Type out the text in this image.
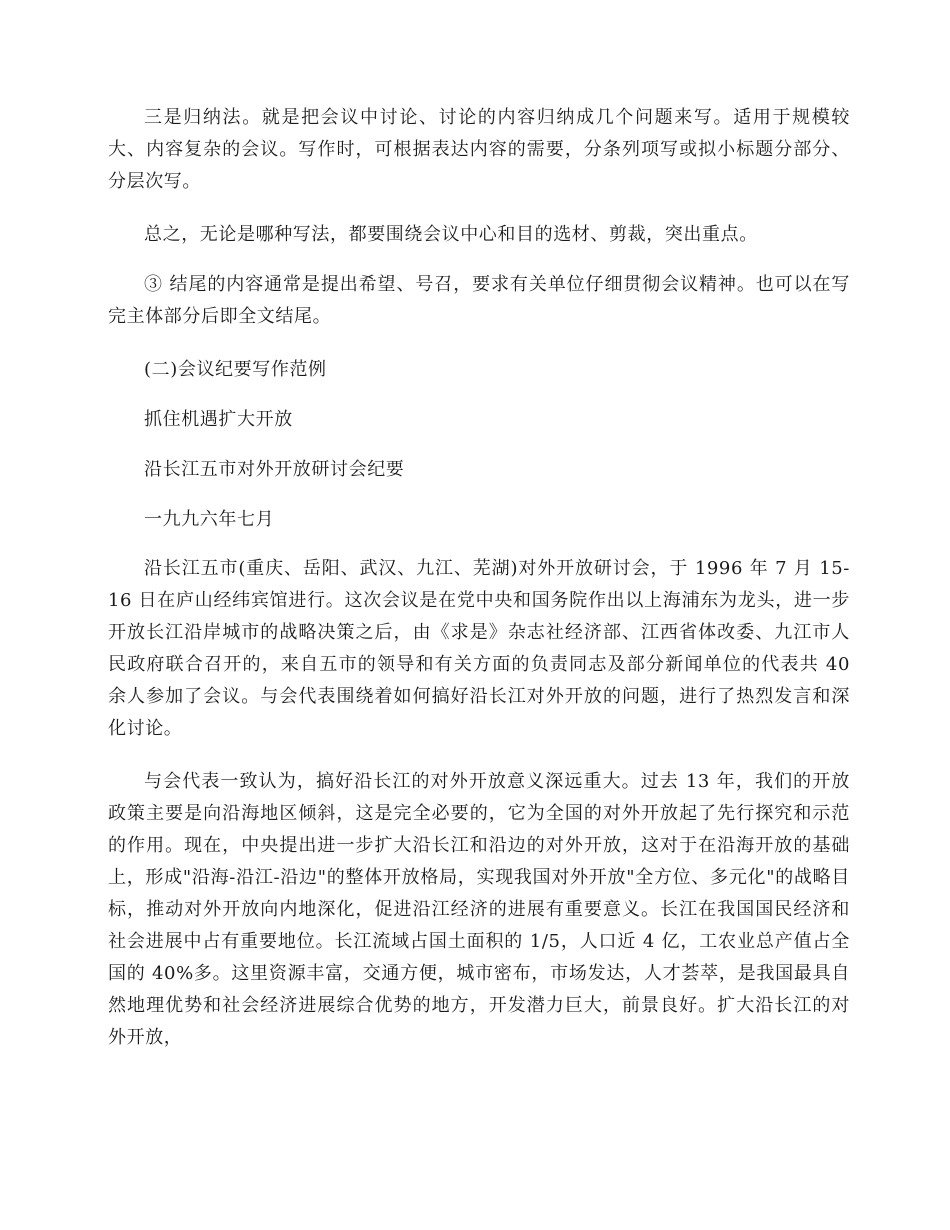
三是归纳法。就是把会议中讨论、讨论的内容归纳成几个问题来写。适用于规模较大、内容复杂的会议。写作时，可根据表达内容的需要，分条列项写或拟小标题分部分、分层次写。

总之，无论是哪种写法，都要围绕会议中心和目的选材、剪裁，突出重点。

③ 结尾的内容通常是提出希望、号召，要求有关单位仔细贯彻会议精神。也可以在写完主体部分后即全文结尾。

(二)会议纪要写作范例

抓住机遇扩大开放

沿长江五市对外开放研讨会纪要

一九九六年七月

沿长江五市(重庆、岳阳、武汉、九江、芜湖)对外开放研讨会，于 1996 年 7 月 15-16 日在庐山经纬宾馆进行。这次会议是在党中央和国务院作出以上海浦东为龙头，进一步开放长江沿岸城市的战略决策之后，由《求是》杂志社经济部、江西省体改委、九江市人民政府联合召开的，来自五市的领导和有关方面的负责同志及部分新闻单位的代表共 40 余人参加了会议。与会代表围绕着如何搞好沿长江对外开放的问题，进行了热烈发言和深化讨论。

与会代表一致认为，搞好沿长江的对外开放意义深远重大。过去 13 年，我们的开放政策主要是向沿海地区倾斜，这是完全必要的，它为全国的对外开放起了先行探究和示范的作用。现在，中央提出进一步扩大沿长江和沿边的对外开放，这对于在沿海开放的基础上，形成"沿海-沿江-沿边"的整体开放格局，实现我国对外开放"全方位、多元化"的战略目标，推动对外开放向内地深化，促进沿江经济的进展有重要意义。长江在我国国民经济和社会进展中占有重要地位。长江流域占国土面积的 1/5，人口近 4 亿，工农业总产值占全国的 40%多。这里资源丰富，交通方便，城市密布，市场发达，人才荟萃，是我国最具自然地理优势和社会经济进展综合优势的地方，开发潜力巨大，前景良好。扩大沿长江的对外开放，
